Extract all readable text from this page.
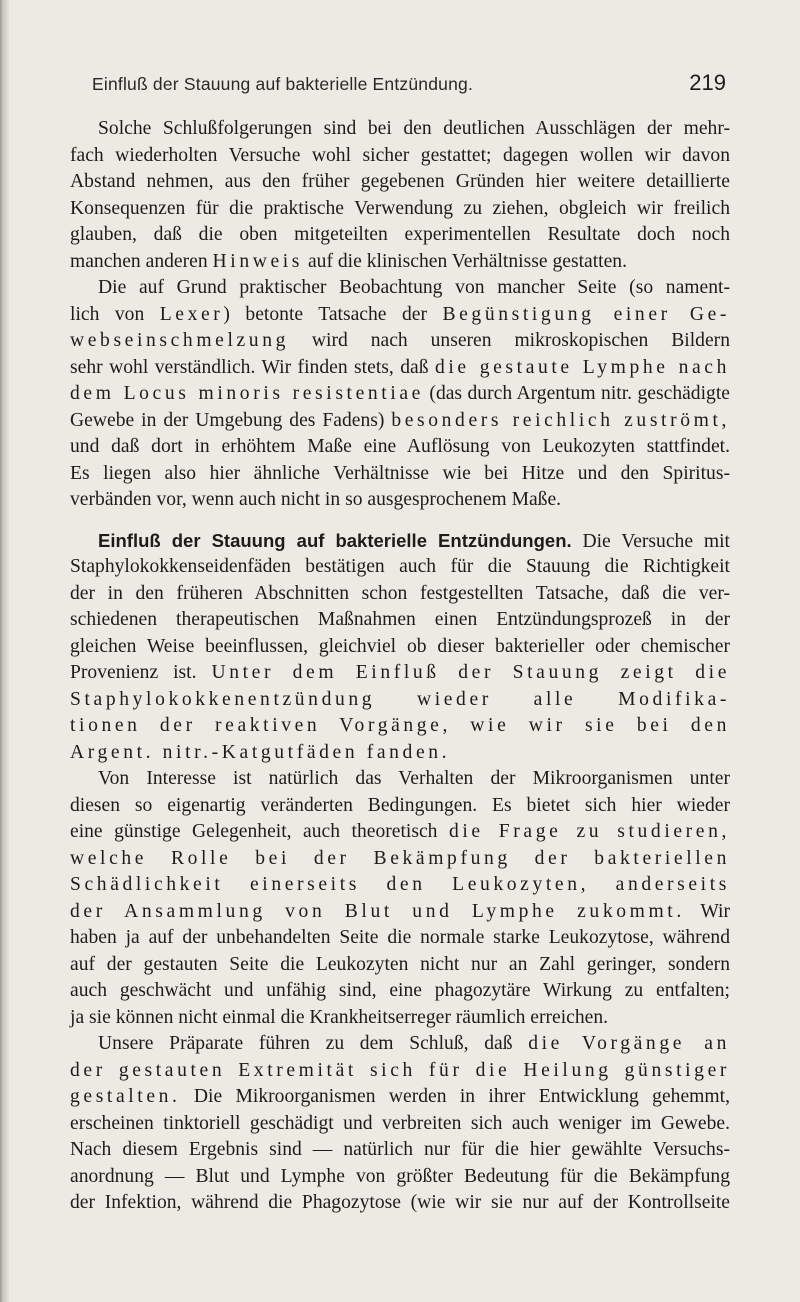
Einfluß der Stauung auf bakterielle Entzündung.	219
Solche Schlußfolgerungen sind bei den deutlichen Ausschlägen der mehr-
fach wiederholten Versuche wohl sicher gestattet; dagegen wollen wir davon
Abstand nehmen, aus den früher gegebenen Gründen hier weitere detaillierte
Konsequenzen für die praktische Verwendung zu ziehen, obgleich wir freilich
glauben, daß die oben mitgeteilten experimentellen Resultate doch noch
manchen anderen Hinweis auf die klinischen Verhältnisse gestatten.
Die auf Grund praktischer Beobachtung von mancher Seite (so nament-
lich von Lexer) betonte Tatsache der Begünstigung einer Ge-
webseinschmelzung wird nach unseren mikroskopischen Bildern
sehr wohl verständlich. Wir finden stets, daß die gestaute Lymphe nach
dem Locus minoris resistentiae (das durch Argentum nitr. geschädigte
Gewebe in der Umgebung des Fadens) besonders reichlich zuströmt,
und daß dort in erhöhtem Maße eine Auflösung von Leukozyten stattfindet.
Es liegen also hier ähnliche Verhältnisse wie bei Hitze und den Spiritus-
verbänden vor, wenn auch nicht in so ausgesprochenem Maße.
Einfluß der Stauung auf bakterielle Entzündungen. Die Versuche mit
Staphylokokkenseidenfäden bestätigen auch für die Stauung die Richtigkeit
der in den früheren Abschnitten schon festgestellten Tatsache, daß die ver-
schiedenen therapeutischen Maßnahmen einen Entzündungsprozeß in der
gleichen Weise beeinflussen, gleichviel ob dieser bakterieller oder chemischer
Provenienz ist. Unter dem Einfluß der Stauung zeigt die
Staphylokokkenentzündung wieder alle Modifika-
tionen der reaktiven Vorgänge, wie wir sie bei den
Argent. nitr.-Katgutfäden fanden.
Von Interesse ist natürlich das Verhalten der Mikroorganismen unter
diesen so eigenartig veränderten Bedingungen. Es bietet sich hier wieder
eine günstige Gelegenheit, auch theoretisch die Frage zu studieren,
welche Rolle bei der Bekämpfung der bakteriellen
Schädlichkeit einerseits den Leukozyten, anderseits
der Ansammlung von Blut und Lymphe zukommt. Wir
haben ja auf der unbehandelten Seite die normale starke Leukozytose, während
auf der gestauten Seite die Leukozyten nicht nur an Zahl geringer, sondern
auch geschwächt und unfähig sind, eine phagozytäre Wirkung zu entfalten;
ja sie können nicht einmal die Krankheitserreger räumlich erreichen.
Unsere Präparate führen zu dem Schluß, daß die Vorgänge an
der gestauten Extremität sich für die Heilung günstiger
gestalten. Die Mikroorganismen werden in ihrer Entwicklung gehemmt,
erscheinen tinktoriell geschädigt und verbreiten sich auch weniger im Gewebe.
Nach diesem Ergebnis sind — natürlich nur für die hier gewählte Versuchs-
anordnung — Blut und Lymphe von größter Bedeutung für die Bekämpfung
der Infektion, während die Phagozytose (wie wir sie nur auf der Kontrollseite
